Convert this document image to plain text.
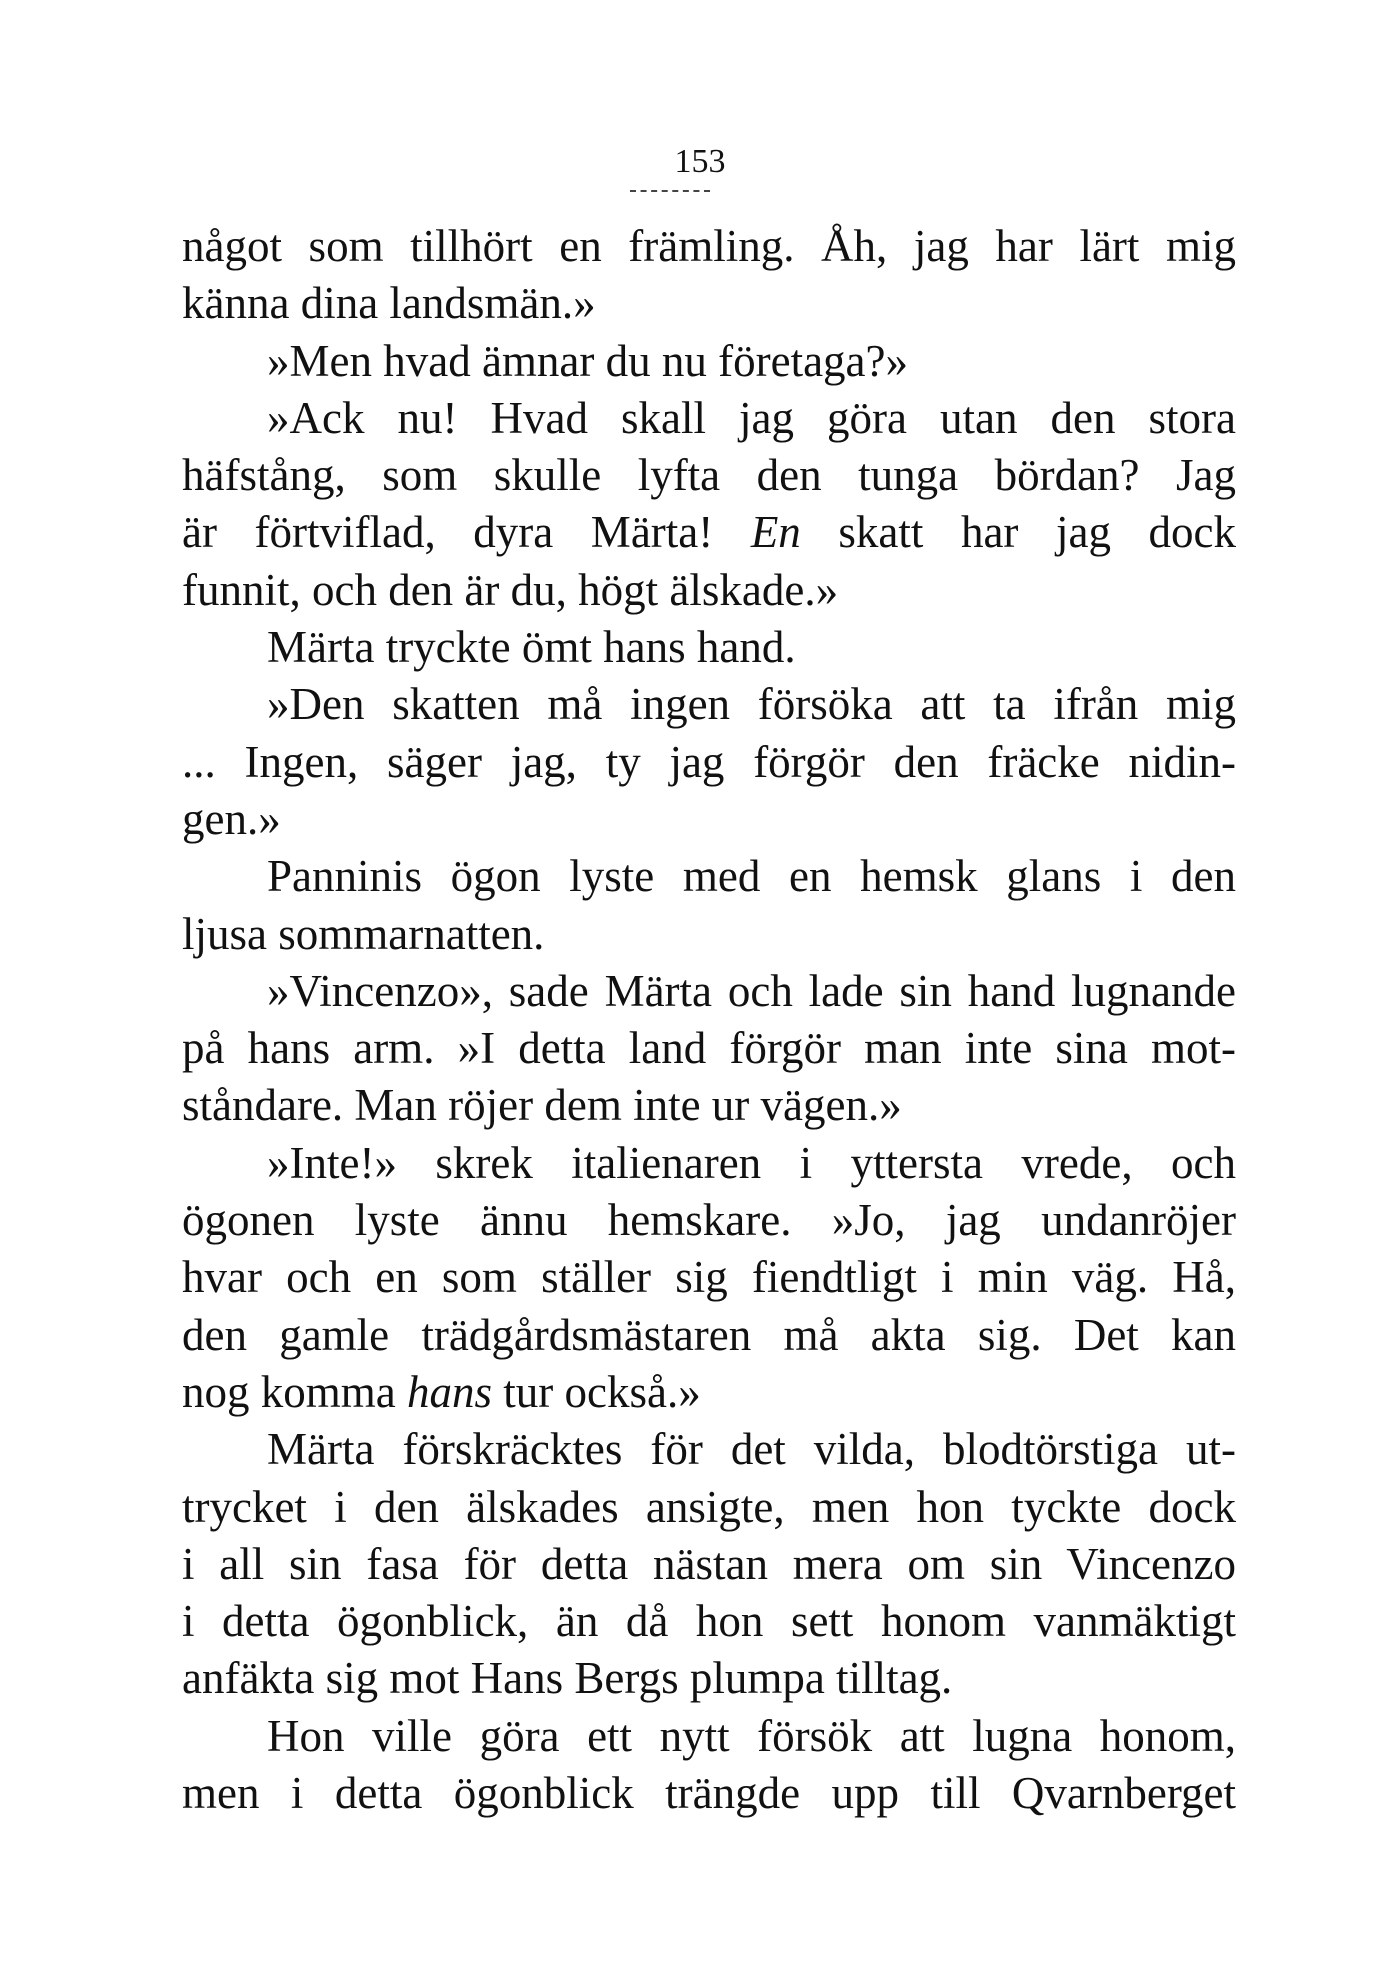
153
något som tillhört en främling. Åh, jag har lärt mig
känna dina landsmän.»
»Men hvad ämnar du nu företaga?»
»Ack nu! Hvad skall jag göra utan den stora
häfstång, som skulle lyfta den tunga bördan? Jag
är förtviflad, dyra Märta! En skatt har jag dock
funnit, och den är du, högt älskade.»
Märta tryckte ömt hans hand.
»Den skatten må ingen försöka att ta ifrån mig
... Ingen, säger jag, ty jag förgör den fräcke nidin-
gen.»
Panninis ögon lyste med en hemsk glans i den
ljusa sommarnatten.
»Vincenzo», sade Märta och lade sin hand lugnande
på hans arm. »I detta land förgör man inte sina mot-
ståndare. Man röjer dem inte ur vägen.»
»Inte!» skrek italienaren i yttersta vrede, och
ögonen lyste ännu hemskare. »Jo, jag undanröjer
hvar och en som ställer sig fiendtligt i min väg. Hå,
den gamle trädgårdsmästaren må akta sig. Det kan
nog komma hans tur också.»
Märta förskräcktes för det vilda, blodtörstiga ut-
trycket i den älskades ansigte, men hon tyckte dock
i all sin fasa för detta nästan mera om sin Vincenzo
i detta ögonblick, än då hon sett honom vanmäktigt
anfäkta sig mot Hans Bergs plumpa tilltag.
Hon ville göra ett nytt försök att lugna honom,
men i detta ögonblick trängde upp till Qvarnberget
